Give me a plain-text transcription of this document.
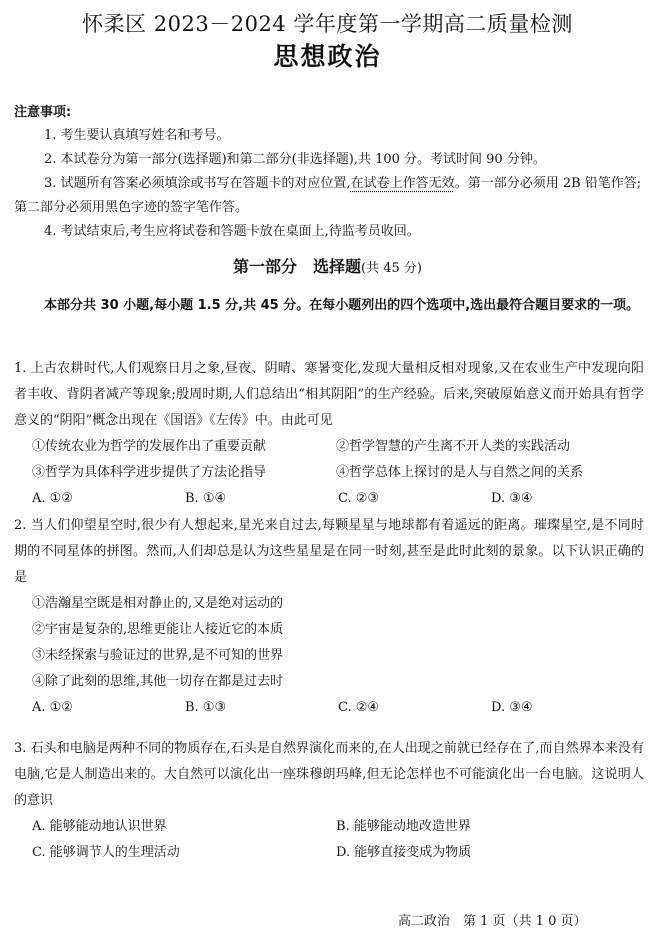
怀柔区 2023－2024 学年度第一学期高二质量检测
思想政治
注意事项:
1. 考生要认真填写姓名和考号。
2. 本试卷分为第一部分(选择题)和第二部分(非选择题),共 100 分。考试时间 90 分钟。
3. 试题所有答案必须填涂或书写在答题卡的对应位置,在试卷上作答无效。第一部分必须用 2B 铅笔作答;第二部分必须用黑色字迹的签字笔作答。
4. 考试结束后,考生应将试卷和答题卡放在桌面上,待监考员收回。
第一部分　选择题(共 45 分)
本部分共 30 小题,每小题 1.5 分,共 45 分。在每小题列出的四个选项中,选出最符合题目要求的一项。
1. 上古农耕时代,人们观察日月之象,昼夜、阴晴、寒暑变化,发现大量相反相对现象,又在农业生产中发现向阳者丰收、背阴者减产等现象;殷周时期,人们总结出“相其阴阳”的生产经验。后来,突破原始意义而开始具有哲学意义的“阴阳”概念出现在《国语》《左传》中。由此可见
①传统农业为哲学的发展作出了重要贡献	②哲学智慧的产生离不开人类的实践活动
③哲学为具体科学进步提供了方法论指导	④哲学总体上探讨的是人与自然之间的关系
A. ①②	B. ①④	C. ②③	D. ③④
2. 当人们仰望星空时,很少有人想起来,星光来自过去,每颗星星与地球都有着遥远的距离。璀璨星空,是不同时期的不同星体的拼图。然而,人们却总是认为这些星星是在同一时刻,甚至是此时此刻的景象。以下认识正确的是
①浩瀚星空既是相对静止的,又是绝对运动的
②宇宙是复杂的,思维更能让人接近它的本质
③未经探索与验证过的世界,是不可知的世界
④除了此刻的思维,其他一切存在都是过去时
A. ①②	B. ①③	C. ②④	D. ③④
3. 石头和电脑是两种不同的物质存在,石头是自然界演化而来的,在人出现之前就已经存在了,而自然界本来没有电脑,它是人制造出来的。大自然可以演化出一座珠穆朗玛峰,但无论怎样也不可能演化出一台电脑。这说明人的意识
A. 能够能动地认识世界	B. 能够能动地改造世界
C. 能够调节人的生理活动	D. 能够直接变成为物质
高二政治　第 1 页（共 1 0 页）
